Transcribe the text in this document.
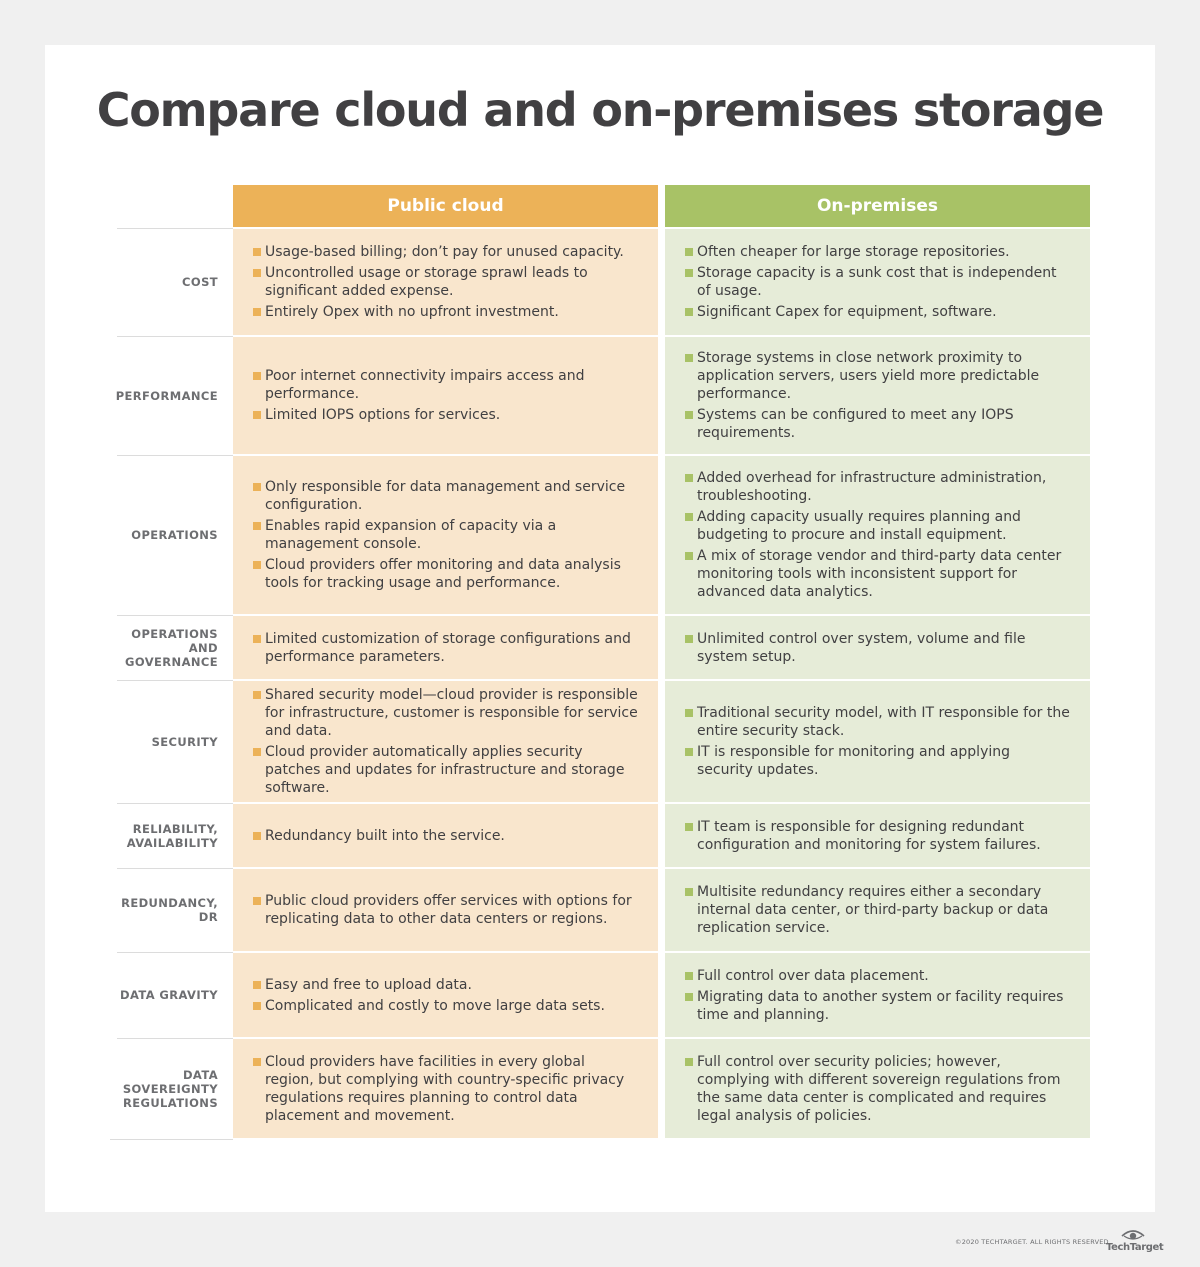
Compare cloud and on-premises storage
Public cloud	On-premises
COST
Usage-based billing; don’t pay for unused capacity.
Uncontrolled usage or storage sprawl leads to significant added expense.
Entirely Opex with no upfront investment.
Often cheaper for large storage repositories.
Storage capacity is a sunk cost that is independent of usage.
Significant Capex for equipment, software.
PERFORMANCE
Poor internet connectivity impairs access and performance.
Limited IOPS options for services.
Storage systems in close network proximity to application servers, users yield more predictable performance.
Systems can be configured to meet any IOPS requirements.
OPERATIONS
Only responsible for data management and service configuration.
Enables rapid expansion of capacity via a management console.
Cloud providers offer monitoring and data analysis tools for tracking usage and performance.
Added overhead for infrastructure administration, troubleshooting.
Adding capacity usually requires planning and budgeting to procure and install equipment.
A mix of storage vendor and third-party data center monitoring tools with inconsistent support for advanced data analytics.
OPERATIONS AND GOVERNANCE
Limited customization of storage configurations and performance parameters.
Unlimited control over system, volume and file system setup.
SECURITY
Shared security model—cloud provider is responsible for infrastructure, customer is responsible for service and data.
Cloud provider automatically applies security patches and updates for infrastructure and storage software.
Traditional security model, with IT responsible for the entire security stack.
IT is responsible for monitoring and applying security updates.
RELIABILITY, AVAILABILITY	Redundancy built into the service.
IT team is responsible for designing redundant configuration and monitoring for system failures.
REDUNDANCY, DR
Public cloud providers offer services with options for replicating data to other data centers or regions.
Multisite redundancy requires either a secondary internal data center, or third-party backup or data replication service.
DATA GRAVITY
Easy and free to upload data.
Complicated and costly to move large data sets.
Full control over data placement.
Migrating data to another system or facility requires time and planning.
DATA SOVEREIGNTY REGULATIONS
Cloud providers have facilities in every global region, but complying with country-specific privacy regulations requires planning to control data placement and movement.
Full control over security policies; however, complying with different sovereign regulations from the same data center is complicated and requires legal analysis of policies.
©2020 TECHTARGET. ALL RIGHTS RESERVED
TechTarget
